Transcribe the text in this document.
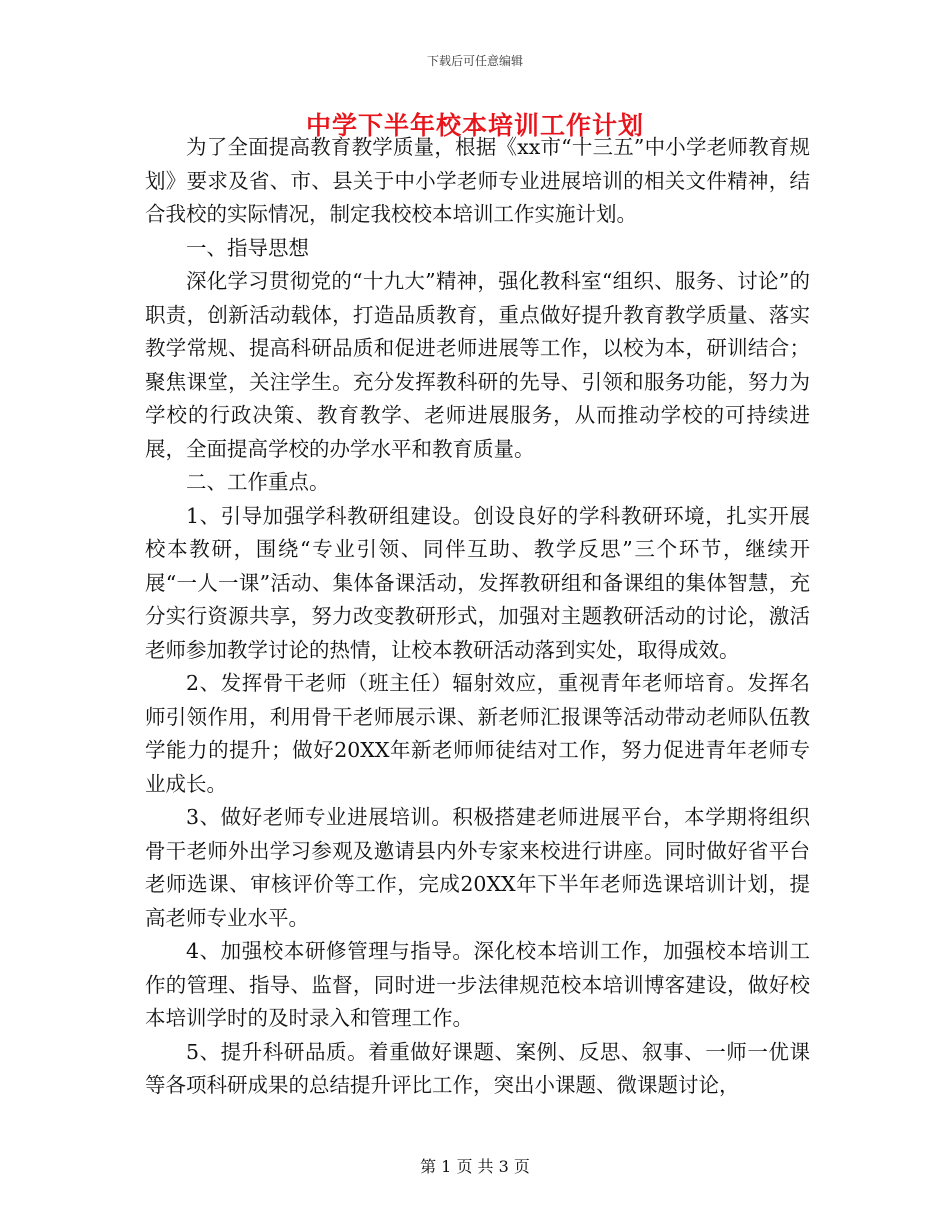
下载后可任意编辑
中学下半年校本培训工作计划

为了全面提高教育教学质量，根据《xx市“十三五”中小学老师教育规划》要求及省、市、县关于中小学老师专业进展培训的相关文件精神，结合我校的实际情况，制定我校校本培训工作实施计划。

一、指导思想

深化学习贯彻党的“十九大”精神，强化教科室“组织、服务、讨论”的职责，创新活动载体，打造品质教育，重点做好提升教育教学质量、落实教学常规、提高科研品质和促进老师进展等工作，以校为本，研训结合；聚焦课堂，关注学生。充分发挥教科研的先导、引领和服务功能，努力为学校的行政决策、教育教学、老师进展服务，从而推动学校的可持续进展，全面提高学校的办学水平和教育质量。

二、工作重点。

1、引导加强学科教研组建设。创设良好的学科教研环境，扎实开展校本教研，围绕“专业引领、同伴互助、教学反思”三个环节，继续开展“一人一课”活动、集体备课活动，发挥教研组和备课组的集体智慧，充分实行资源共享，努力改变教研形式，加强对主题教研活动的讨论，激活老师参加教学讨论的热情，让校本教研活动落到实处，取得成效。

2、发挥骨干老师（班主任）辐射效应，重视青年老师培育。发挥名师引领作用，利用骨干老师展示课、新老师汇报课等活动带动老师队伍教学能力的提升；做好20XX年新老师师徒结对工作，努力促进青年老师专业成长。

3、做好老师专业进展培训。积极搭建老师进展平台，本学期将组织骨干老师外出学习参观及邀请县内外专家来校进行讲座。同时做好省平台老师选课、审核评价等工作，完成20XX年下半年老师选课培训计划，提高老师专业水平。

4、加强校本研修管理与指导。深化校本培训工作，加强校本培训工作的管理、指导、监督，同时进一步法律规范校本培训博客建设，做好校本培训学时的及时录入和管理工作。

5、提升科研品质。着重做好课题、案例、反思、叙事、一师一优课等各项科研成果的总结提升评比工作，突出小课题、微课题讨论，

第 1 页 共 3 页
